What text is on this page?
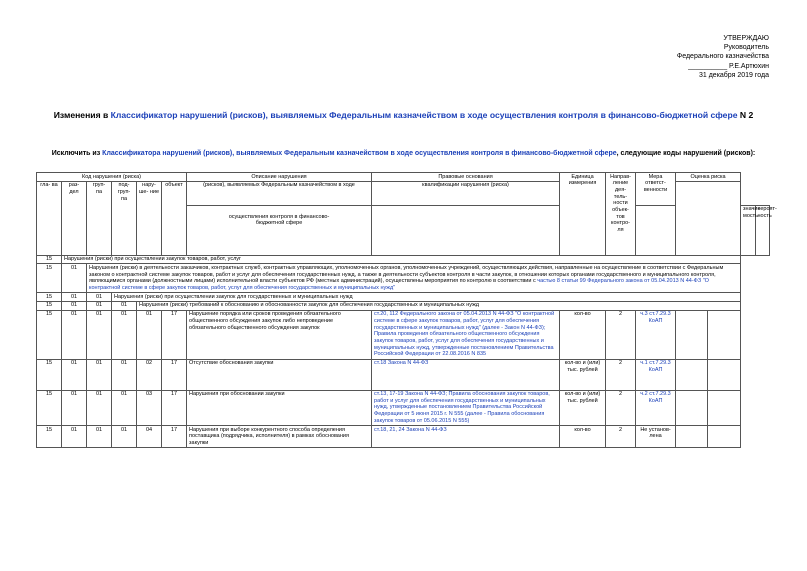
УТВЕРЖДАЮ
Руководитель
Федерального казначейства
__________ Р.Е.Артюхин
31 декабря 2019 года
Изменения в Классификатор нарушений (рисков), выявляемых Федеральным казначейством в ходе осуществления контроля в финансово-бюджетной сфере N 2
Исключить из Классификатора нарушений (рисков), выявляемых Федеральным казначейством в ходе осуществления контроля в финансово-бюджетной сфере, следующие коды нарушений (рисков):
Код нарушения (риска)						Описание нарушения	Правовые основания	Единица измерения	Направ- ление дея- тель- ности объек- тов контро- ля	Мера ответст- венности	Оценка риска			
гла- ва	раз- дел	груп- па	под- груп- па	нару- ше- ние	объект	(рисков), выявляемых Федеральным казначейством в ходе	квалификации нарушения (риска)							
						осуществления контроля в финансово- бюджетной сфере							значи- мость	вероят- ность
15	Нарушения (риски) при осуществлении закупок товаров, работ, услуг													
15	01	Нарушения (риски) в деятельности заказчиков, контрактных служб, контрактных управляющих, уполномоченных органов, уполномоченных учреждений, осуществляющих действия, направленные на осуществление в соответствии с Федеральным законом о контрактной системе закупок товаров, работ и услуг для обеспечения государственных нужд, а также в деятельности субъектов контроля в части закупок, в отношении которых органами государственного и муниципального контроля, являющимися органами (должностными лицами) исполнительной власти субъектов РФ (местных администраций), осуществлены мероприятия по контролю в соответствии с частью 8 статьи 99 Федерального закона от 05.04.2013 N 44-ФЗ "О контрактной системе в сфере закупок товаров, работ, услуг для обеспечения государственных и муниципальных нужд"												
15	01	01	Нарушения (риски) при осуществлении закупок для государственных и муниципальных нужд											
15	01	01	01	Нарушения (риски) требований к обоснованию и обоснованности закупок для обеспечения государственных и муниципальных нужд										
15	01	01	01	01	17	Нарушение порядка или сроков проведения обязательного общественного обсуждения закупок либо непроведение обязательного общественного обсуждения закупок	ст.20, 112 Федерального закона от 05.04.2013 N 44-ФЗ "О контрактной системе в сфере закупок товаров, работ, услуг для обеспечения государственных и муниципальных нужд" (далее - Закон N 44-ФЗ); Правила проведения обязательного общественного обсуждения закупок товаров, работ, услуг для обеспечения государственных и муниципальных нужд, утвержденные постановлением Правительства Российской Федерации от 22.08.2016 N 835	кол-во	2	ч.3 ст.7.29.3 КоАП				
15	01	01	01	02	17	Отсутствие обоснования закупки	ст.18 Закона N 44-ФЗ	кол-во и (или) тыс. рублей	2	ч.1 ст.7.29.3 КоАП				
15	01	01	01	03	17	Нарушения при обосновании закупки	ст.13, 17-19 Закона N 44-ФЗ; Правила обоснования закупок товаров, работ и услуг для обеспечения государственных и муниципальных нужд, утвержденные постановлением Правительства Российской Федерации от 5 июня 2015 г. N 555 (далее - Правила обоснования закупок товаров от 05.06.2015 N 555)	кол-во и (или) тыс. рублей	2	ч.2 ст.7.29.3 КоАП				
15	01	01	01	04	17	Нарушения при выборе конкурентного способа определения поставщика (подрядчика, исполнителя) в рамках обоснования закупки	ст.18, 21, 24 Закона N 44-ФЗ	кол-во	2	Не установ- лена				
